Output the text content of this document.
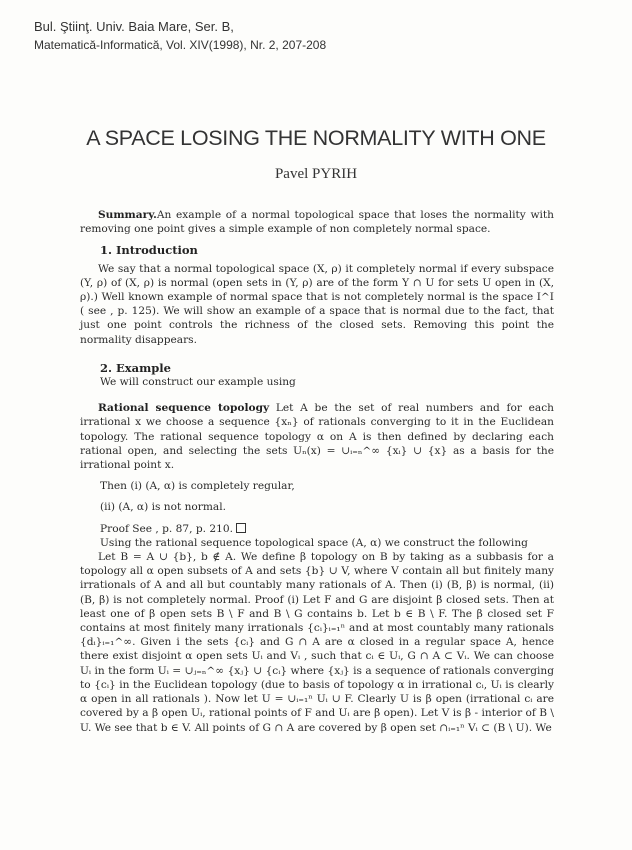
Bul. Ştiinţ. Univ. Baia Mare, Ser. B,
Matematică-Informatică, Vol. XIV(1998), Nr. 2, 207-208
A SPACE LOSING THE NORMALITY WITH ONE
Pavel PYRIH

Summary.An example of a normal topological space that loses the normality with removing one point gives a simple example of non completely normal space.

1. Introduction

We say that a normal topological space (X, ρ) it completely normal if every subspace (Y, ρ) of (X, ρ) is normal (open sets in (Y, ρ) are of the form Y ∩ U for sets U open in (X, ρ).) Well known example of normal space that is not completely normal is the space I^I ( see , p. 125). We will show an example of a space that is normal due to the fact, that just one point controls the richness of the closed sets. Removing this point the normality disappears.

2. Example

We will construct our example using

Rational sequence topology Let A be the set of real numbers and for each irrational x we choose a sequence {xₙ} of rationals converging to it in the Euclidean topology. The rational sequence topology α on A is then defined by declaring each rational open, and selecting the sets Uₙ(x) = ∪ᵢ₌ₙ^∞ {xᵢ} ∪ {x} as a basis for the irrational point x.

Then (i) (A, α) is completely regular,

(ii) (A, α) is not normal.

Proof See , p. 87, p. 210.

Using the rational sequence topological space (A, α) we construct the following

Let B = A ∪ {b}, b ∉ A. We define β topology on B by taking as a subbasis for a topology all α open subsets of A and sets {b} ∪ V, where V contain all but finitely many irrationals of A and all but countably many rationals of A. Then (i) (B, β) is normal, (ii) (B, β) is not completely normal. Proof (i) Let F and G are disjoint β closed sets. Then at least one of β open sets B \ F and B \ G contains b. Let b ∈ B \ F. The β closed set F contains at most finitely many irrationals {cᵢ}ᵢ₌₁ⁿ and at most countably many rationals {dᵢ}ᵢ₌₁^∞. Given i the sets {cᵢ} and G ∩ A are α closed in a regular space A, hence there exist disjoint α open sets Uᵢ and Vᵢ , such that cᵢ ∈ Uᵢ, G ∩ A ⊂ Vᵢ. We can choose Uᵢ in the form Uᵢ = ∪ⱼ₌ₙ^∞ {xⱼ} ∪ {cᵢ} where {xⱼ} is a sequence of rationals converging to {cᵢ} in the Euclidean topology (due to basis of topology α in irrational cᵢ, Uᵢ is clearly α open in all rationals ). Now let U = ∪ᵢ₌₁ⁿ Uᵢ ∪ F. Clearly U is β open (irrational cᵢ are covered by a β open Uᵢ, rational points of F and Uᵢ are β open). Let V is β - interior of B \ U. We see that b ∈ V. All points of G ∩ A are covered by β open set ∩ᵢ₌₁ⁿ Vᵢ ⊂ (B \ U). We
